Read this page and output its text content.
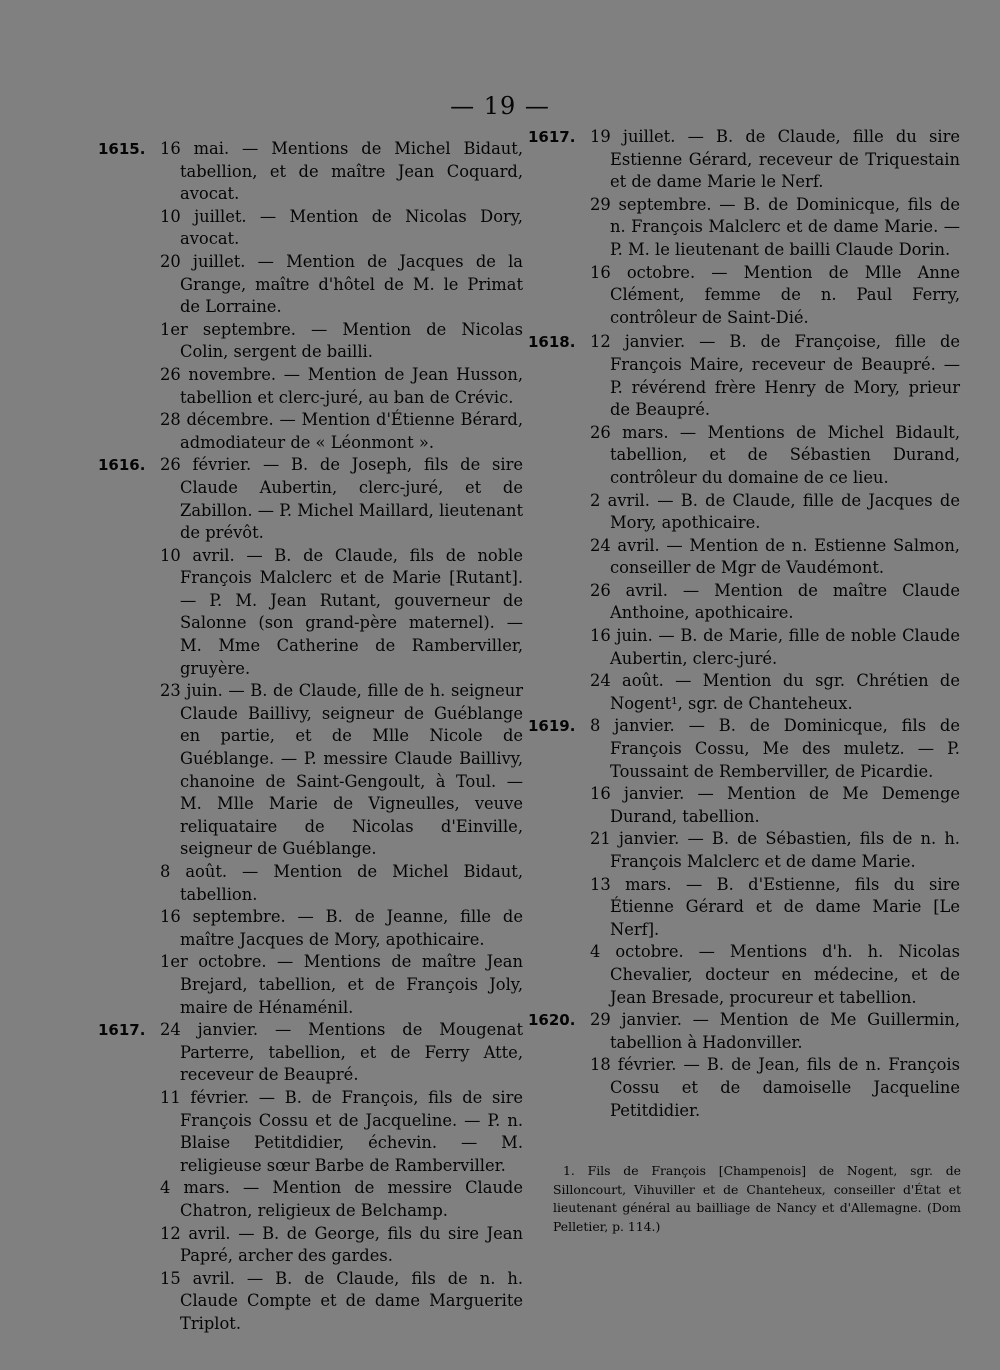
— 19 —
1615. 16 mai. — Mentions de Michel Bidaut, tabellion, et de maître Jean Coquard, avocat.

10 juillet. — Mention de Nicolas Dory, avocat.

20 juillet. — Mention de Jacques de la Grange, maître d'hôtel de M. le Primat de Lorraine.

1er septembre. — Mention de Nicolas Colin, sergent de bailli.

26 novembre. — Mention de Jean Husson, tabellion et clerc-juré, au ban de Crévic.

28 décembre. — Mention d'Étienne Bérard, admodiateur de « Léonmont ».

1616. 26 février. — B. de Joseph, fils de sire Claude Aubertin, clerc-juré, et de Zabillon. — P. Michel Maillard, lieutenant de prévôt.

10 avril. — B. de Claude, fils de noble François Malclerc et de Marie [Rutant]. — P. M. Jean Rutant, gouverneur de Salonne (son grand-père maternel). — M. Mme Catherine de Ramberviller, gruyère.

23 juin. — B. de Claude, fille de h. seigneur Claude Baillivy, seigneur de Guéblange en partie, et de Mlle Nicole de Guéblange. — P. messire Claude Baillivy, chanoine de Saint-Gengoult, à Toul. — M. Mlle Marie de Vigneulles, veuve reliquataire de Nicolas d'Einville, seigneur de Guéblange.

8 août. — Mention de Michel Bidaut, tabellion.

16 septembre. — B. de Jeanne, fille de maître Jacques de Mory, apothicaire.

1er octobre. — Mentions de maître Jean Brejard, tabellion, et de François Joly, maire de Hénaménil.

1617. 24 janvier. — Mentions de Mougenat Parterre, tabellion, et de Ferry Atte, receveur de Beaupré.

11 février. — B. de François, fils de sire François Cossu et de Jacqueline. — P. n. Blaise Petitdidier, échevin. — M. religieuse sœur Barbe de Ramberviller.

4 mars. — Mention de messire Claude Chatron, religieux de Belchamp.

12 avril. — B. de George, fils du sire Jean Papré, archer des gardes.

15 avril. — B. de Claude, fils de n. h. Claude Compte et de dame Marguerite Triplot.

1617. 19 juillet. — B. de Claude, fille du sire Estienne Gérard, receveur de Triquestain et de dame Marie le Nerf.

29 septembre. — B. de Dominicque, fils de n. François Malclerc et de dame Marie. — P. M. le lieutenant de bailli Claude Dorin.

16 octobre. — Mention de Mlle Anne Clément, femme de n. Paul Ferry, contrôleur de Saint-Dié.

1618. 12 janvier. — B. de Françoise, fille de François Maire, receveur de Beaupré. — P. révérend frère Henry de Mory, prieur de Beaupré.

26 mars. — Mentions de Michel Bidault, tabellion, et de Sébastien Durand, contrôleur du domaine de ce lieu.

2 avril. — B. de Claude, fille de Jacques de Mory, apothicaire.

24 avril. — Mention de n. Estienne Salmon, conseiller de Mgr de Vaudémont.

26 avril. — Mention de maître Claude Anthoine, apothicaire.

16 juin. — B. de Marie, fille de noble Claude Aubertin, clerc-juré.

24 août. — Mention du sgr. Chrétien de Nogent¹, sgr. de Chanteheux.

1619. 8 janvier. — B. de Dominicque, fils de François Cossu, Me des muletz. — P. Toussaint de Remberviller, de Picardie.

16 janvier. — Mention de Me Demenge Durand, tabellion.

21 janvier. — B. de Sébastien, fils de n. h. François Malclerc et de dame Marie.

13 mars. — B. d'Estienne, fils du sire Étienne Gérard et de dame Marie [Le Nerf].

4 octobre. — Mentions d'h. h. Nicolas Chevalier, docteur en médecine, et de Jean Bresade, procureur et tabellion.

1620. 29 janvier. — Mention de Me Guillermin, tabellion à Hadonviller.

18 février. — B. de Jean, fils de n. François Cossu et de damoiselle Jacqueline Petitdidier.

1. Fils de François [Champenois] de Nogent, sgr. de Silloncourt, Vihuviller et de Chanteheux, conseiller d'État et lieutenant général au bailliage de Nancy et d'Allemagne. (Dom Pelletier, p. 114.)
